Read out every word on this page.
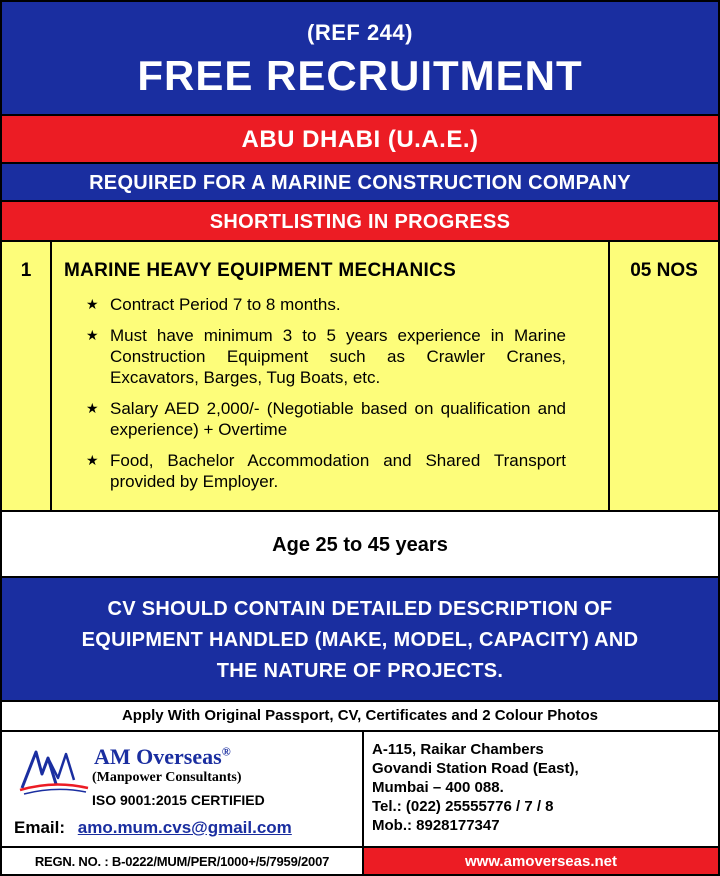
(REF 244)
FREE RECRUITMENT
ABU DHABI (U.A.E.)
REQUIRED FOR A MARINE CONSTRUCTION COMPANY
SHORTLISTING IN PROGRESS
1	MARINE HEAVY EQUIPMENT MECHANICS
★ Contract Period 7 to 8 months.
★ Must have minimum 3 to 5 years experience in Marine Construction Equipment such as Crawler Cranes, Excavators, Barges, Tug Boats, etc.
★ Salary AED 2,000/- (Negotiable based on qualification and experience) + Overtime
★ Food, Bachelor Accommodation and Shared Transport provided by Employer.
05 NOS
Age 25 to 45 years
CV SHOULD CONTAIN DETAILED DESCRIPTION OF
EQUIPMENT HANDLED (MAKE, MODEL, CAPACITY) AND
THE NATURE OF PROJECTS.
Apply With Original Passport, CV, Certificates and 2 Colour Photos
AM Overseas®
(Manpower Consultants)
ISO 9001:2015 CERTIFIED
Email: amo.mum.cvs@gmail.com
REGN. NO. : B-0222/MUM/PER/1000+/5/7959/2007
A-115, Raikar Chambers
Govandi Station Road (East),
Mumbai – 400 088.
Tel.: (022) 25555776 / 7 / 8
Mob.: 8928177347
www.amoverseas.net
